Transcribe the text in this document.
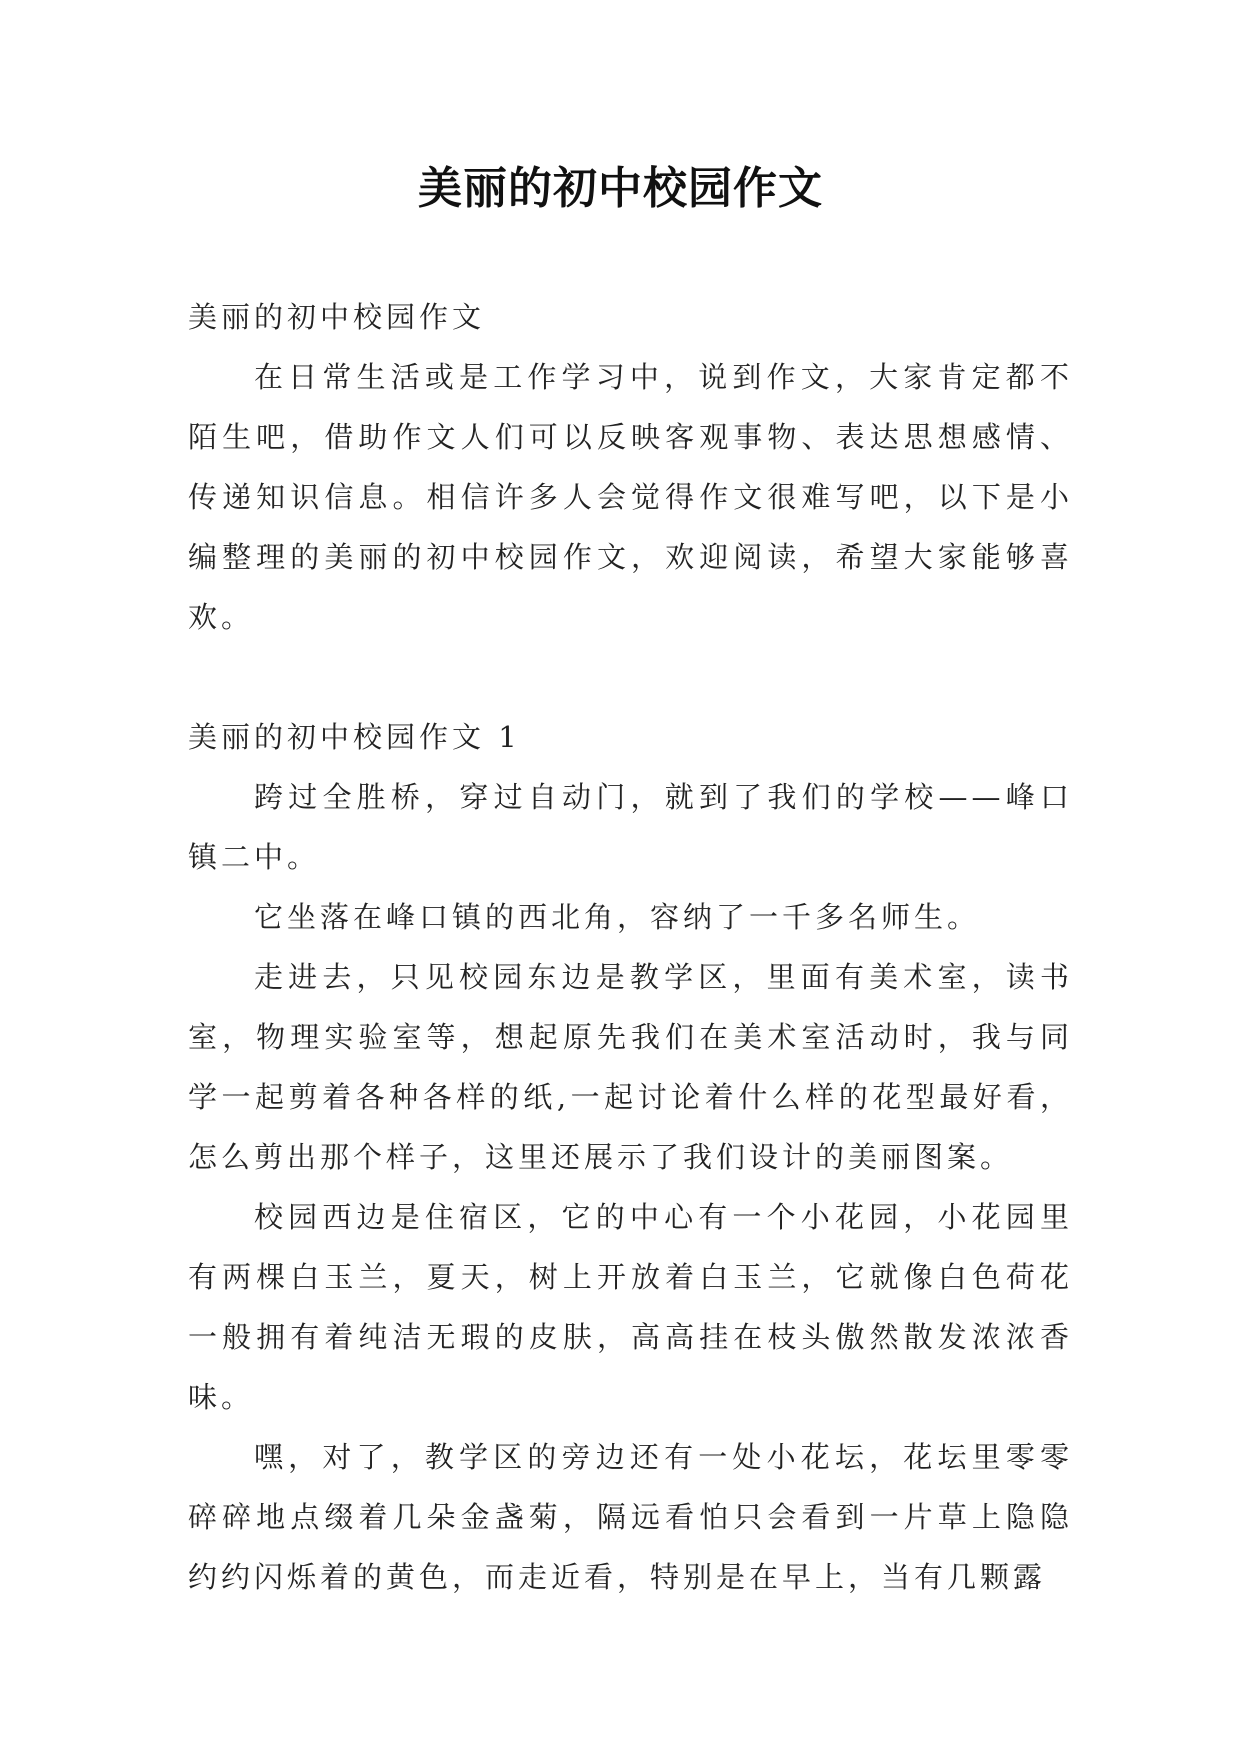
美丽的初中校园作文

美丽的初中校园作文

在日常生活或是工作学习中，说到作文，大家肯定都不陌生吧，借助作文人们可以反映客观事物、表达思想感情、传递知识信息。相信许多人会觉得作文很难写吧，以下是小编整理的美丽的初中校园作文，欢迎阅读，希望大家能够喜欢。

美丽的初中校园作文 1

跨过全胜桥，穿过自动门，就到了我们的学校——峰口镇二中。

它坐落在峰口镇的西北角，容纳了一千多名师生。

走进去，只见校园东边是教学区，里面有美术室，读书室，物理实验室等，想起原先我们在美术室活动时，我与同学一起剪着各种各样的纸,一起讨论着什么样的花型最好看，怎么剪出那个样子，这里还展示了我们设计的美丽图案。

校园西边是住宿区，它的中心有一个小花园，小花园里有两棵白玉兰，夏天，树上开放着白玉兰，它就像白色荷花一般拥有着纯洁无瑕的皮肤，高高挂在枝头傲然散发浓浓香味。

嘿，对了，教学区的旁边还有一处小花坛，花坛里零零碎碎地点缀着几朵金盏菊，隔远看怕只会看到一片草上隐隐约约闪烁着的黄色，而走近看，特别是在早上，当有几颗露
